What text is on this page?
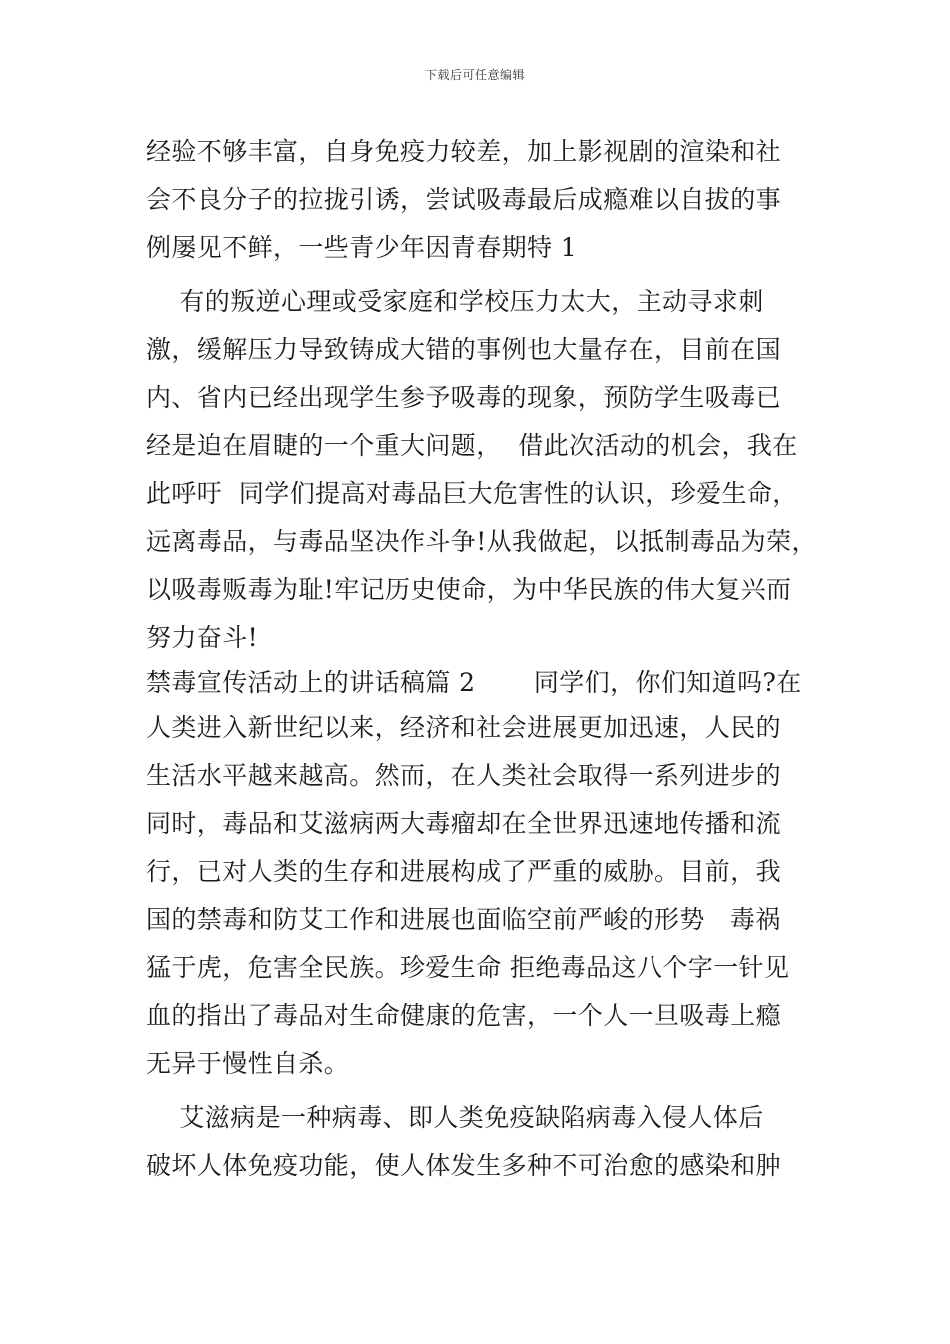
下载后可任意编辑
经验不够丰富，自身免疫力较差，加上影视剧的渲染和社
会不良分子的拉拢引诱，尝试吸毒最后成瘾难以自拔的事
例屡见不鲜，一些青少年因青春期特 1
有的叛逆心理或受家庭和学校压力太大，主动寻求刺
激，缓解压力导致铸成大错的事例也大量存在，目前在国
内、省内已经出现学生参予吸毒的现象，预防学生吸毒已
经是迫在眉睫的一个重大问题，  借此次活动的机会，我在
此呼吁  同学们提高对毒品巨大危害性的认识，珍爱生命，
远离毒品，与毒品坚决作斗争!从我做起，以抵制毒品为荣，
以吸毒贩毒为耻!牢记历史使命，为中华民族的伟大复兴而
努力奋斗!
禁毒宣传活动上的讲话稿篇 2       同学们，你们知道吗?在
人类进入新世纪以来，经济和社会进展更加迅速，人民的
生活水平越来越高。然而，在人类社会取得一系列进步的
同时，毒品和艾滋病两大毒瘤却在全世界迅速地传播和流
行，已对人类的生存和进展构成了严重的威胁。目前，我
国的禁毒和防艾工作和进展也面临空前严峻的形势   毒祸
猛于虎，危害全民族。珍爱生命 拒绝毒品这八个字一针见
血的指出了毒品对生命健康的危害，一个人一旦吸毒上瘾
无异于慢性自杀。
艾滋病是一种病毒、即人类免疫缺陷病毒入侵人体后
破坏人体免疫功能，使人体发生多种不可治愈的感染和肿
